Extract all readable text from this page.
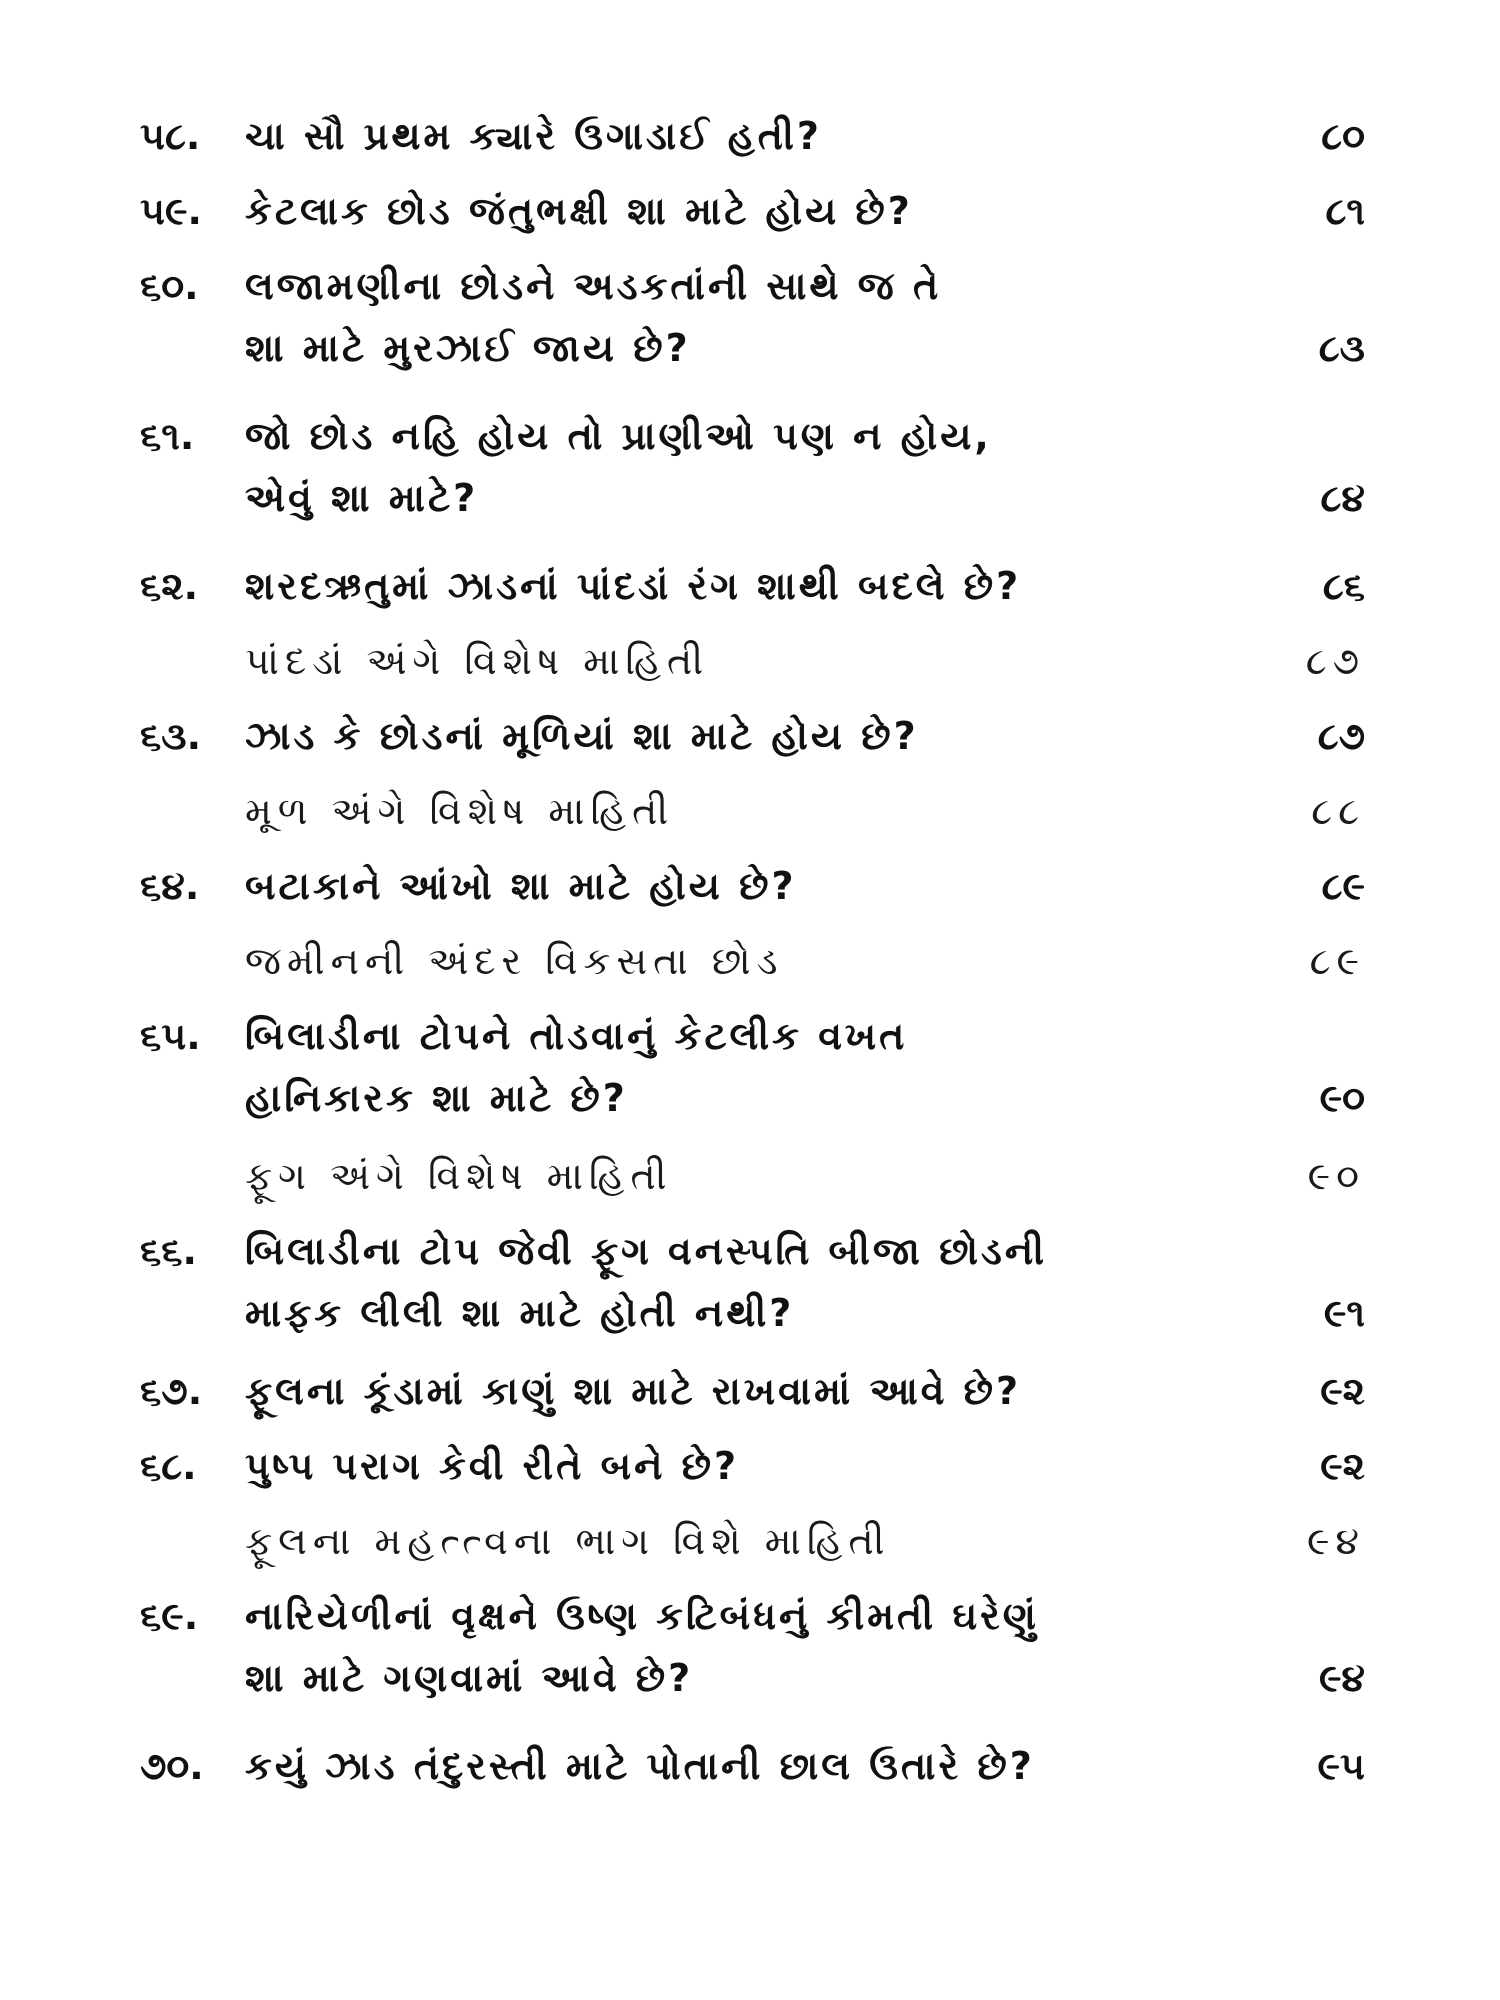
૫૮.	ચા સૌ પ્રથમ ક્યારે ઉગાડાઈ હતી?	૮૦
૫૯.	કેટલાક છોડ જંતુભક્ષી શા માટે હોય છે?	૮૧
૬૦.	લજામણીના છોડને અડકતાંની સાથે જ તે
શા માટે મુરઝાઈ જાય છે?	૮૩
૬૧.	જો છોડ નહિ હોય તો પ્રાણીઓ પણ ન હોય,
એવું શા માટે?	૮૪
૬૨.	શરદઋતુમાં ઝાડનાં પાંદડાં રંગ શાથી બદલે છે?	૮૬
પાંદડાં અંગે વિશેષ માહિતી	૮૭
૬૩.	ઝાડ કે છોડનાં મૂળિયાં શા માટે હોય છે?	૮૭
મૂળ અંગે વિશેષ માહિતી	૮૮
૬૪.	બટાકાને આંખો શા માટે હોય છે?	૮૯
જમીનની અંદર વિકસતા છોડ	૮૯
૬૫.	બિલાડીના ટોપને તોડવાનું કેટલીક વખત
હાનિકારક શા માટે છે?	૯૦
ફૂગ અંગે વિશેષ માહિતી	૯૦
૬૬.	બિલાડીના ટોપ જેવી ફૂગ વનસ્પતિ બીજા છોડની
માફક લીલી શા માટે હોતી નથી?	૯૧
૬૭.	ફૂલના કૂંડામાં કાણું શા માટે રાખવામાં આવે છે?	૯૨
૬૮.	પુષ્પ પરાગ કેવી રીતે બને છે?	૯૨
ફૂલના મહત્ત્વના ભાગ વિશે માહિતી	૯૪
૬૯.	નારિયેળીનાં વૃક્ષને ઉષ્ણ કટિબંધનું કીમતી ઘરેણું
શા માટે ગણવામાં આવે છે?	૯૪
૭૦.	કયું ઝાડ તંદુરસ્તી માટે પોતાની છાલ ઉતારે છે?	૯૫
